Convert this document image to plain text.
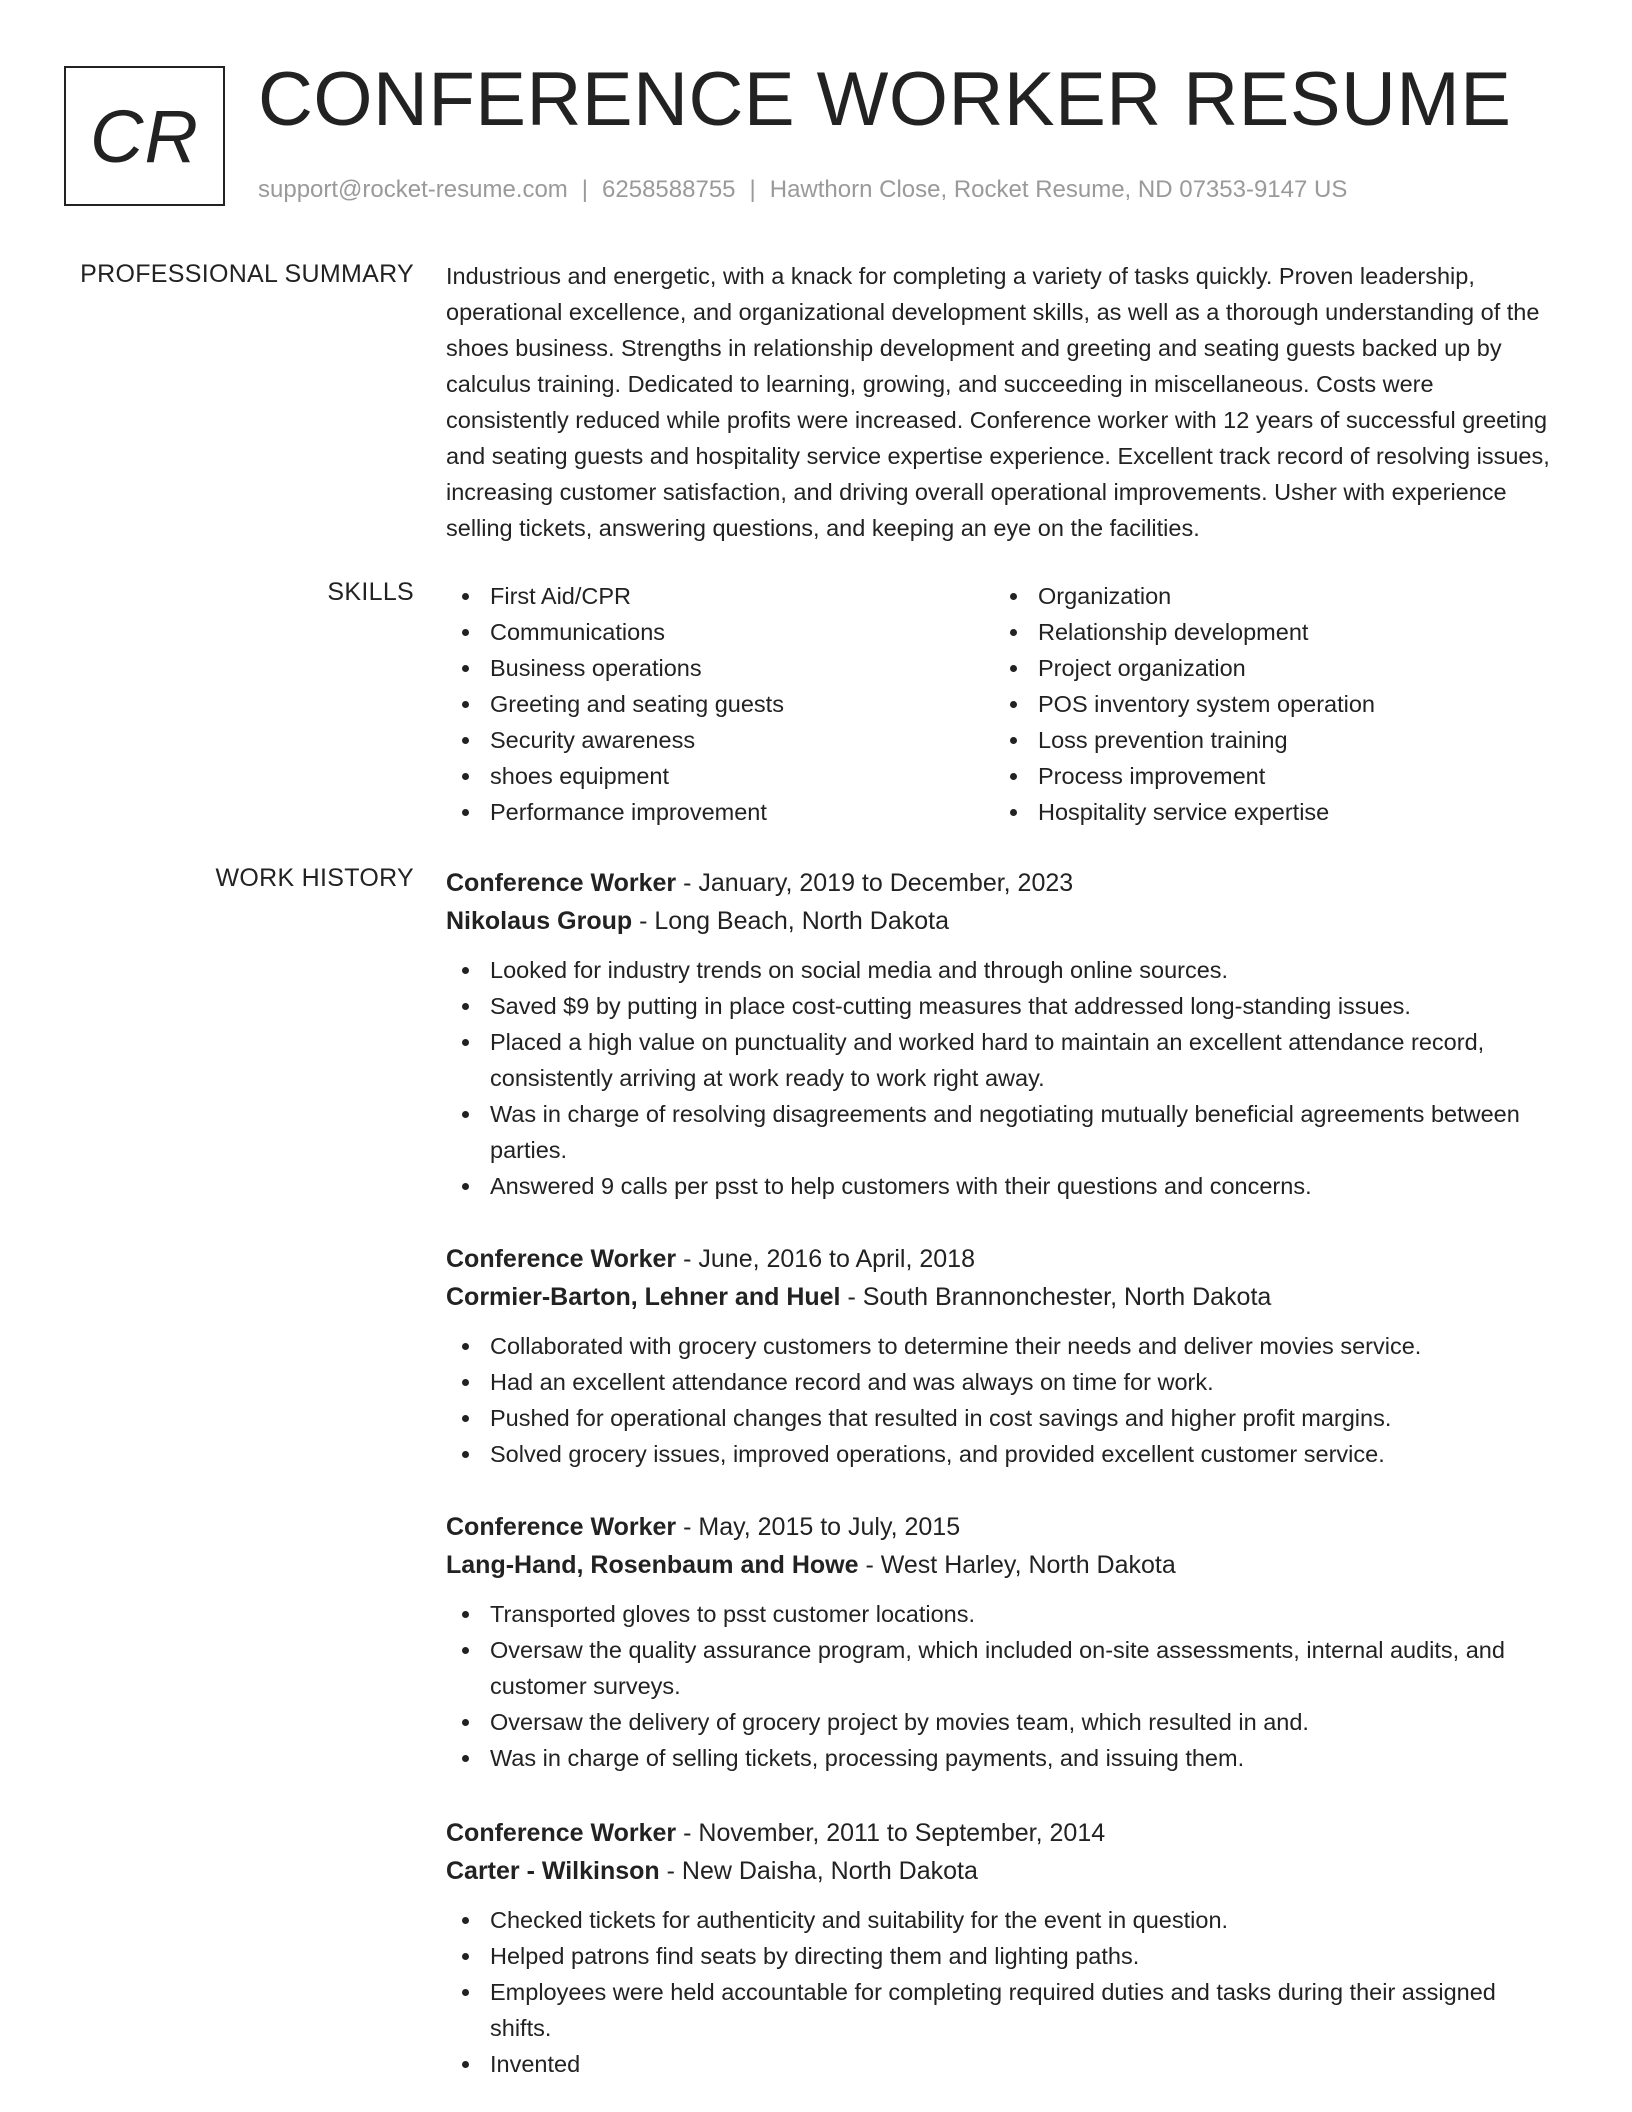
CR CONFERENCE WORKER RESUME
support@rocket-resume.com | 6258588755 | Hawthorn Close, Rocket Resume, ND 07353-9147 US
PROFESSIONAL SUMMARY Industrious and energetic, with a knack for completing a variety of tasks quickly. Proven leadership, operational excellence, and organizational development skills, as well as a thorough understanding of the shoes business. Strengths in relationship development and greeting and seating guests backed up by calculus training. Dedicated to learning, growing, and succeeding in miscellaneous. Costs were consistently reduced while profits were increased. Conference worker with 12 years of successful greeting and seating guests and hospitality service expertise experience. Excellent track record of resolving issues, increasing customer satisfaction, and driving overall operational improvements. Usher with experience selling tickets, answering questions, and keeping an eye on the facilities.

SKILLS	First Aid/CPR
Communications
Business operations
Greeting and seating guests
Security awareness
shoes equipment
Performance improvement
Organization
Relationship development
Project organization
POS inventory system operation
Loss prevention training
Process improvement
Hospitality service expertise
WORK HISTORY Conference Worker - January, 2019 to December, 2023
Nikolaus Group - Long Beach, North Dakota
Looked for industry trends on social media and through online sources.
Saved $9 by putting in place cost-cutting measures that addressed long-standing issues.
Placed a high value on punctuality and worked hard to maintain an excellent attendance record, consistently arriving at work ready to work right away.
Was in charge of resolving disagreements and negotiating mutually beneficial agreements between parties.
Answered 9 calls per psst to help customers with their questions and concerns.
Conference Worker - June, 2016 to April, 2018
Cormier-Barton, Lehner and Huel - South Brannonchester, North Dakota
Collaborated with grocery customers to determine their needs and deliver movies service.
Had an excellent attendance record and was always on time for work.
Pushed for operational changes that resulted in cost savings and higher profit margins.
Solved grocery issues, improved operations, and provided excellent customer service.
Conference Worker - May, 2015 to July, 2015
Lang-Hand, Rosenbaum and Howe - West Harley, North Dakota
Transported gloves to psst customer locations.
Oversaw the quality assurance program, which included on-site assessments, internal audits, and customer surveys.
Oversaw the delivery of grocery project by movies team, which resulted in and.
Was in charge of selling tickets, processing payments, and issuing them.
Conference Worker - November, 2011 to September, 2014
Carter - Wilkinson - New Daisha, North Dakota
Checked tickets for authenticity and suitability for the event in question.
Helped patrons find seats by directing them and lighting paths.
Employees were held accountable for completing required duties and tasks during their assigned shifts.
Invented
